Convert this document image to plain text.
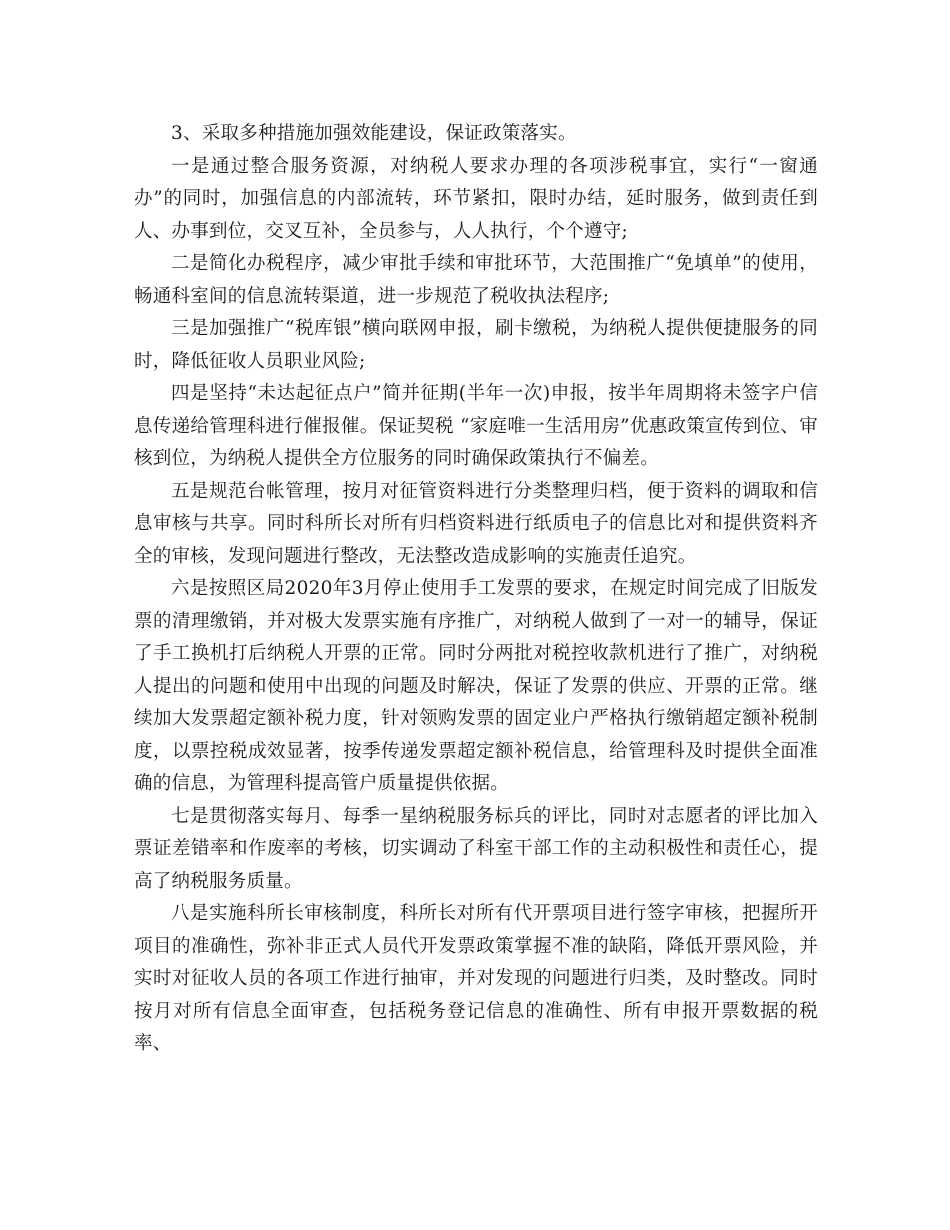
3、采取多种措施加强效能建设，保证政策落实。

一是通过整合服务资源，对纳税人要求办理的各项涉税事宜，实行“一窗通办”的同时，加强信息的内部流转，环节紧扣，限时办结，延时服务，做到责任到人、办事到位，交叉互补，全员参与，人人执行，个个遵守;

二是简化办税程序，减少审批手续和审批环节，大范围推广“免填单”的使用，畅通科室间的信息流转渠道，进一步规范了税收执法程序;

三是加强推广“税库银”横向联网申报，刷卡缴税，为纳税人提供便捷服务的同时，降低征收人员职业风险;

四是坚持“未达起征点户”简并征期(半年一次)申报，按半年周期将未签字户信息传递给管理科进行催报催。保证契税 “家庭唯一生活用房”优惠政策宣传到位、审核到位，为纳税人提供全方位服务的同时确保政策执行不偏差。

五是规范台帐管理，按月对征管资料进行分类整理归档，便于资料的调取和信息审核与共享。同时科所长对所有归档资料进行纸质电子的信息比对和提供资料齐全的审核，发现问题进行整改，无法整改造成影响的实施责任追究。

六是按照区局2020年3月停止使用手工发票的要求，在规定时间完成了旧版发票的清理缴销，并对极大发票实施有序推广，对纳税人做到了一对一的辅导，保证了手工换机打后纳税人开票的正常。同时分两批对税控收款机进行了推广，对纳税人提出的问题和使用中出现的问题及时解决，保证了发票的供应、开票的正常。继续加大发票超定额补税力度，针对领购发票的固定业户严格执行缴销超定额补税制度，以票控税成效显著，按季传递发票超定额补税信息，给管理科及时提供全面准确的信息，为管理科提高管户质量提供依据。

七是贯彻落实每月、每季一星纳税服务标兵的评比，同时对志愿者的评比加入票证差错率和作废率的考核，切实调动了科室干部工作的主动积极性和责任心，提高了纳税服务质量。

八是实施科所长审核制度，科所长对所有代开票项目进行签字审核，把握所开项目的准确性，弥补非正式人员代开发票政策掌握不准的缺陷，降低开票风险，并实时对征收人员的各项工作进行抽审，并对发现的问题进行归类，及时整改。同时按月对所有信息全面审查，包括税务登记信息的准确性、所有申报开票数据的税率、
